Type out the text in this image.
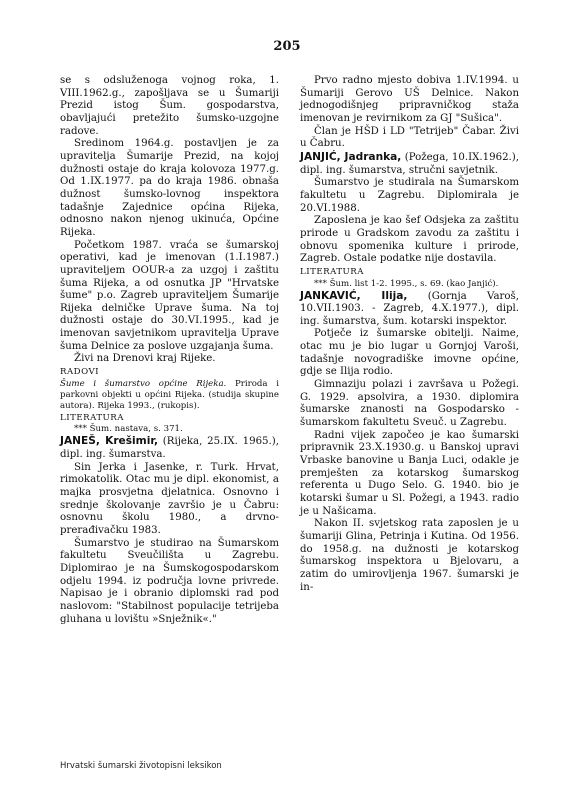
205

se s odsluženoga vojnog roka, 1. VIII.1962.g., zapošljava se u Šumariji Prezid istog Šum. gospodarstva, obavljajući pretežito šumsko-uzgojne radove.

Sredinom 1964.g. postavljen je za upravitelja Šumarije Prezid, na kojoj dužnosti ostaje do kraja kolovoza 1977.g. Od 1.IX.1977. pa do kraja 1986. obnaša dužnost šumsko-lovnog inspektora tadašnje Zajednice općina Rijeka, odnosno nakon njenog ukinuća, Općine Rijeka.

Početkom 1987. vraća se šumarskoj operativi, kad je imenovan (1.I.1987.) upraviteljem OOUR-a za uzgoj i zaštitu šuma Rijeka, a od osnutka JP "Hrvatske šume" p.o. Zagreb upraviteljem Šumarije Rijeka delničke Uprave šuma. Na toj dužnosti ostaje do 30.VI.1995., kad je imenovan savjetnikom upravitelja Uprave šuma Delnice za poslove uzgajanja šuma.

Živi na Drenovi kraj Rijeke.

RADOVI

Šume i šumarstvo općine Rijeka. Priroda i parkovni objekti u općini Rijeka. (studija skupine autora). Rijeka 1993., (rukopis).

LITERATURA

*** Šum. nastava, s. 371.

JANEŠ, Krešimir, (Rijeka, 25.IX. 1965.), dipl. ing. šumarstva.

Sin Jerka i Jasenke, r. Turk. Hrvat, rimokatolik. Otac mu je dipl. ekonomist, a majka prosvjetna djelatnica. Osnovno i srednje školovanje završio je u Čabru: osnovnu školu 1980., a drvno-prerađivačku 1983.

Šumarstvo je studirao na Šumarskom fakultetu Sveučilišta u Zagrebu. Diplomirao je na Šumskogospodarskom odjelu 1994. iz područja lovne privrede. Napisao je i obranio diplomski rad pod naslovom: "Stabilnost populacije tetrijeba gluhana u lovištu »Snježnik«."

Prvo radno mjesto dobiva 1.IV.1994. u Šumariji Gerovo UŠ Delnice. Nakon jednogodišnjeg pripravničkog staža imenovan je revirnikom za GJ "Sušica".

Član je HŠD i LD "Tetrijeb" Čabar. Živi u Čabru.

JANJIĆ, Jadranka, (Požega, 10.IX.1962.), dipl. ing. šumarstva, stručni savjetnik.

Šumarstvo je studirala na Šumarskom fakultetu u Zagrebu. Diplomirala je 20.VI.1988.

Zaposlena je kao šef Odsjeka za zaštitu prirode u Gradskom zavodu za zaštitu i obnovu spomenika kulture i prirode, Zagreb. Ostale podatke nije dostavila.

LITERATURA

*** Šum. list 1-2. 1995., s. 69. (kao Janjić).

JANKAVIĆ, Ilija, (Gornja Varoš, 10.VII.1903. - Zagreb, 4.X.1977.), dipl. ing. šumarstva, šum. kotarski inspektor.

Potječe iz šumarske obitelji. Naime, otac mu je bio lugar u Gornjoj Varoši, tadašnje novogradiške imovne općine, gdje se Ilija rodio.

Gimnaziju polazi i završava u Požegi. G. 1929. apsolvira, a 1930. diplomira šumarske znanosti na Gospodarsko - šumarskom fakultetu Sveuč. u Zagrebu.

Radni vijek započeo je kao šumarski pripravnik 23.X.1930.g. u Banskoj upravi Vrbaske banovine u Banja Luci, odakle je premješten za kotarskog šumarskog referenta u Dugo Selo. G. 1940. bio je kotarski šumar u Sl. Požegi, a 1943. radio je u Našicama.

Nakon II. svjetskog rata zaposlen je u šumariji Glina, Petrinja i Kutina. Od 1956. do 1958.g. na dužnosti je kotarskog šumarskog inspektora u Bjelovaru, a zatim do umirovljenja 1967. šumarski je in-

Hrvatski šumarski životopisni leksikon
